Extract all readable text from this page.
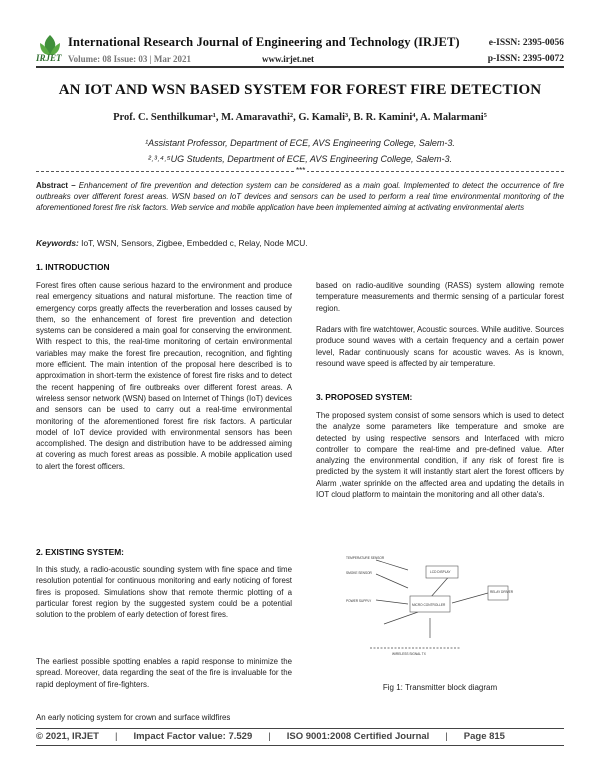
IRJET
International Research Journal of Engineering and Technology (IRJET)
Volume: 08 Issue: 03 | Mar 2021	www.irjet.net
e-ISSN: 2395-0056
p-ISSN: 2395-0072
AN IOT AND WSN BASED SYSTEM FOR FOREST FIRE DETECTION
Prof. C. Senthilkumar¹, M. Amaravathi², G. Kamali³, B. R. Kamini⁴, A. Malarmani⁵
¹Assistant Professor, Department of ECE, AVS Engineering College, Salem-3.
²˒³˒⁴˒⁵UG Students, Department of ECE, AVS Engineering College, Salem-3.
***
Abstract – Enhancement of fire prevention and detection system can be considered as a main goal. Implemented to detect the occurrence of fire outbreaks over different forest areas. WSN based on IoT devices and sensors can be used to perform a real time environmental monitoring of the aforementioned forest fire risk factors. Web service and mobile application have been implemented aiming at activating environmental alerts
Keywords: IoT, WSN, Sensors, Zigbee, Embedded c, Relay, Node MCU.
1. INTRODUCTION

Forest fires often cause serious hazard to the environment and produce real emergency situations and natural misfortune. The reaction time of emergency corps greatly affects the reverberation and losses caused by them, so the enhancement of forest fire prevention and detection systems can be considered a main goal for conserving the environment. With respect to this, the real-time monitoring of certain environmental variables may make the forest fire precaution, recognition, and fighting more efficient. The main intention of the proposal here described is to approximation in short-term the existence of forest fire risks and to detect the recent happening of fire outbreaks over different forest areas. A wireless sensor network (WSN) based on Internet of Things (IoT) devices and sensors can be used to carry out a real-time environmental monitoring of the aforementioned forest fire risk factors. A particular model of IoT device provided with environmental sensors has been accomplished. The design and distribution have to be addressed aiming at covering as much forest areas as possible. A mobile application used to alert the forest officers.

2. EXISTING SYSTEM:

In this study, a radio-acoustic sounding system with fine space and time resolution potential for continuous monitoring and early noticing of forest fires is proposed. Simulations show that remote thermic plotting of a particular forest region by the suggested system could be a potential solution to the problem of early detection of forest fires.

The earliest possible spotting enables a rapid response to minimize the spread. Moreover, data regarding the seat of the fire is invaluable for the rapid deployment of fire-fighters.

An early noticing system for crown and surface wildfires

based on radio-auditive sounding (RASS) system allowing remote temperature measurements and thermic sensing of a particular forest region.

Radars with fire watchtower, Acoustic sources. While auditive. Sources produce sound waves with a certain frequency and a certain power level, Radar continuously scans for acoustic waves. As is known, resound wave speed is affected by air temperature.

3. PROPOSED SYSTEM:

The proposed system consist of some sensors which is used to detect the analyze some parameters like temperature and smoke are detected by using respective sensors and Interfaced with micro controller to compare the real-time and pre-defined value. After analyzing the environmental condition, if any risk of forest fire is predicted by the system it will instantly start alert the forest officers by Alarm ,water sprinkle on the affected area and updating the details in IOT cloud platform to maintain the monitoring and all other data's.

TEMPERATURE SENSOR
SMOKE SENSOR	LCD DISPLAY
POWER SUPPLY
MICRO CONTROLLER
RELAY DRIVER
WIRELESS SIGNAL TX
Fig 1: Transmitter block diagram
© 2021, IRJET | Impact Factor value: 7.529 | ISO 9001:2008 Certified Journal | Page 815
